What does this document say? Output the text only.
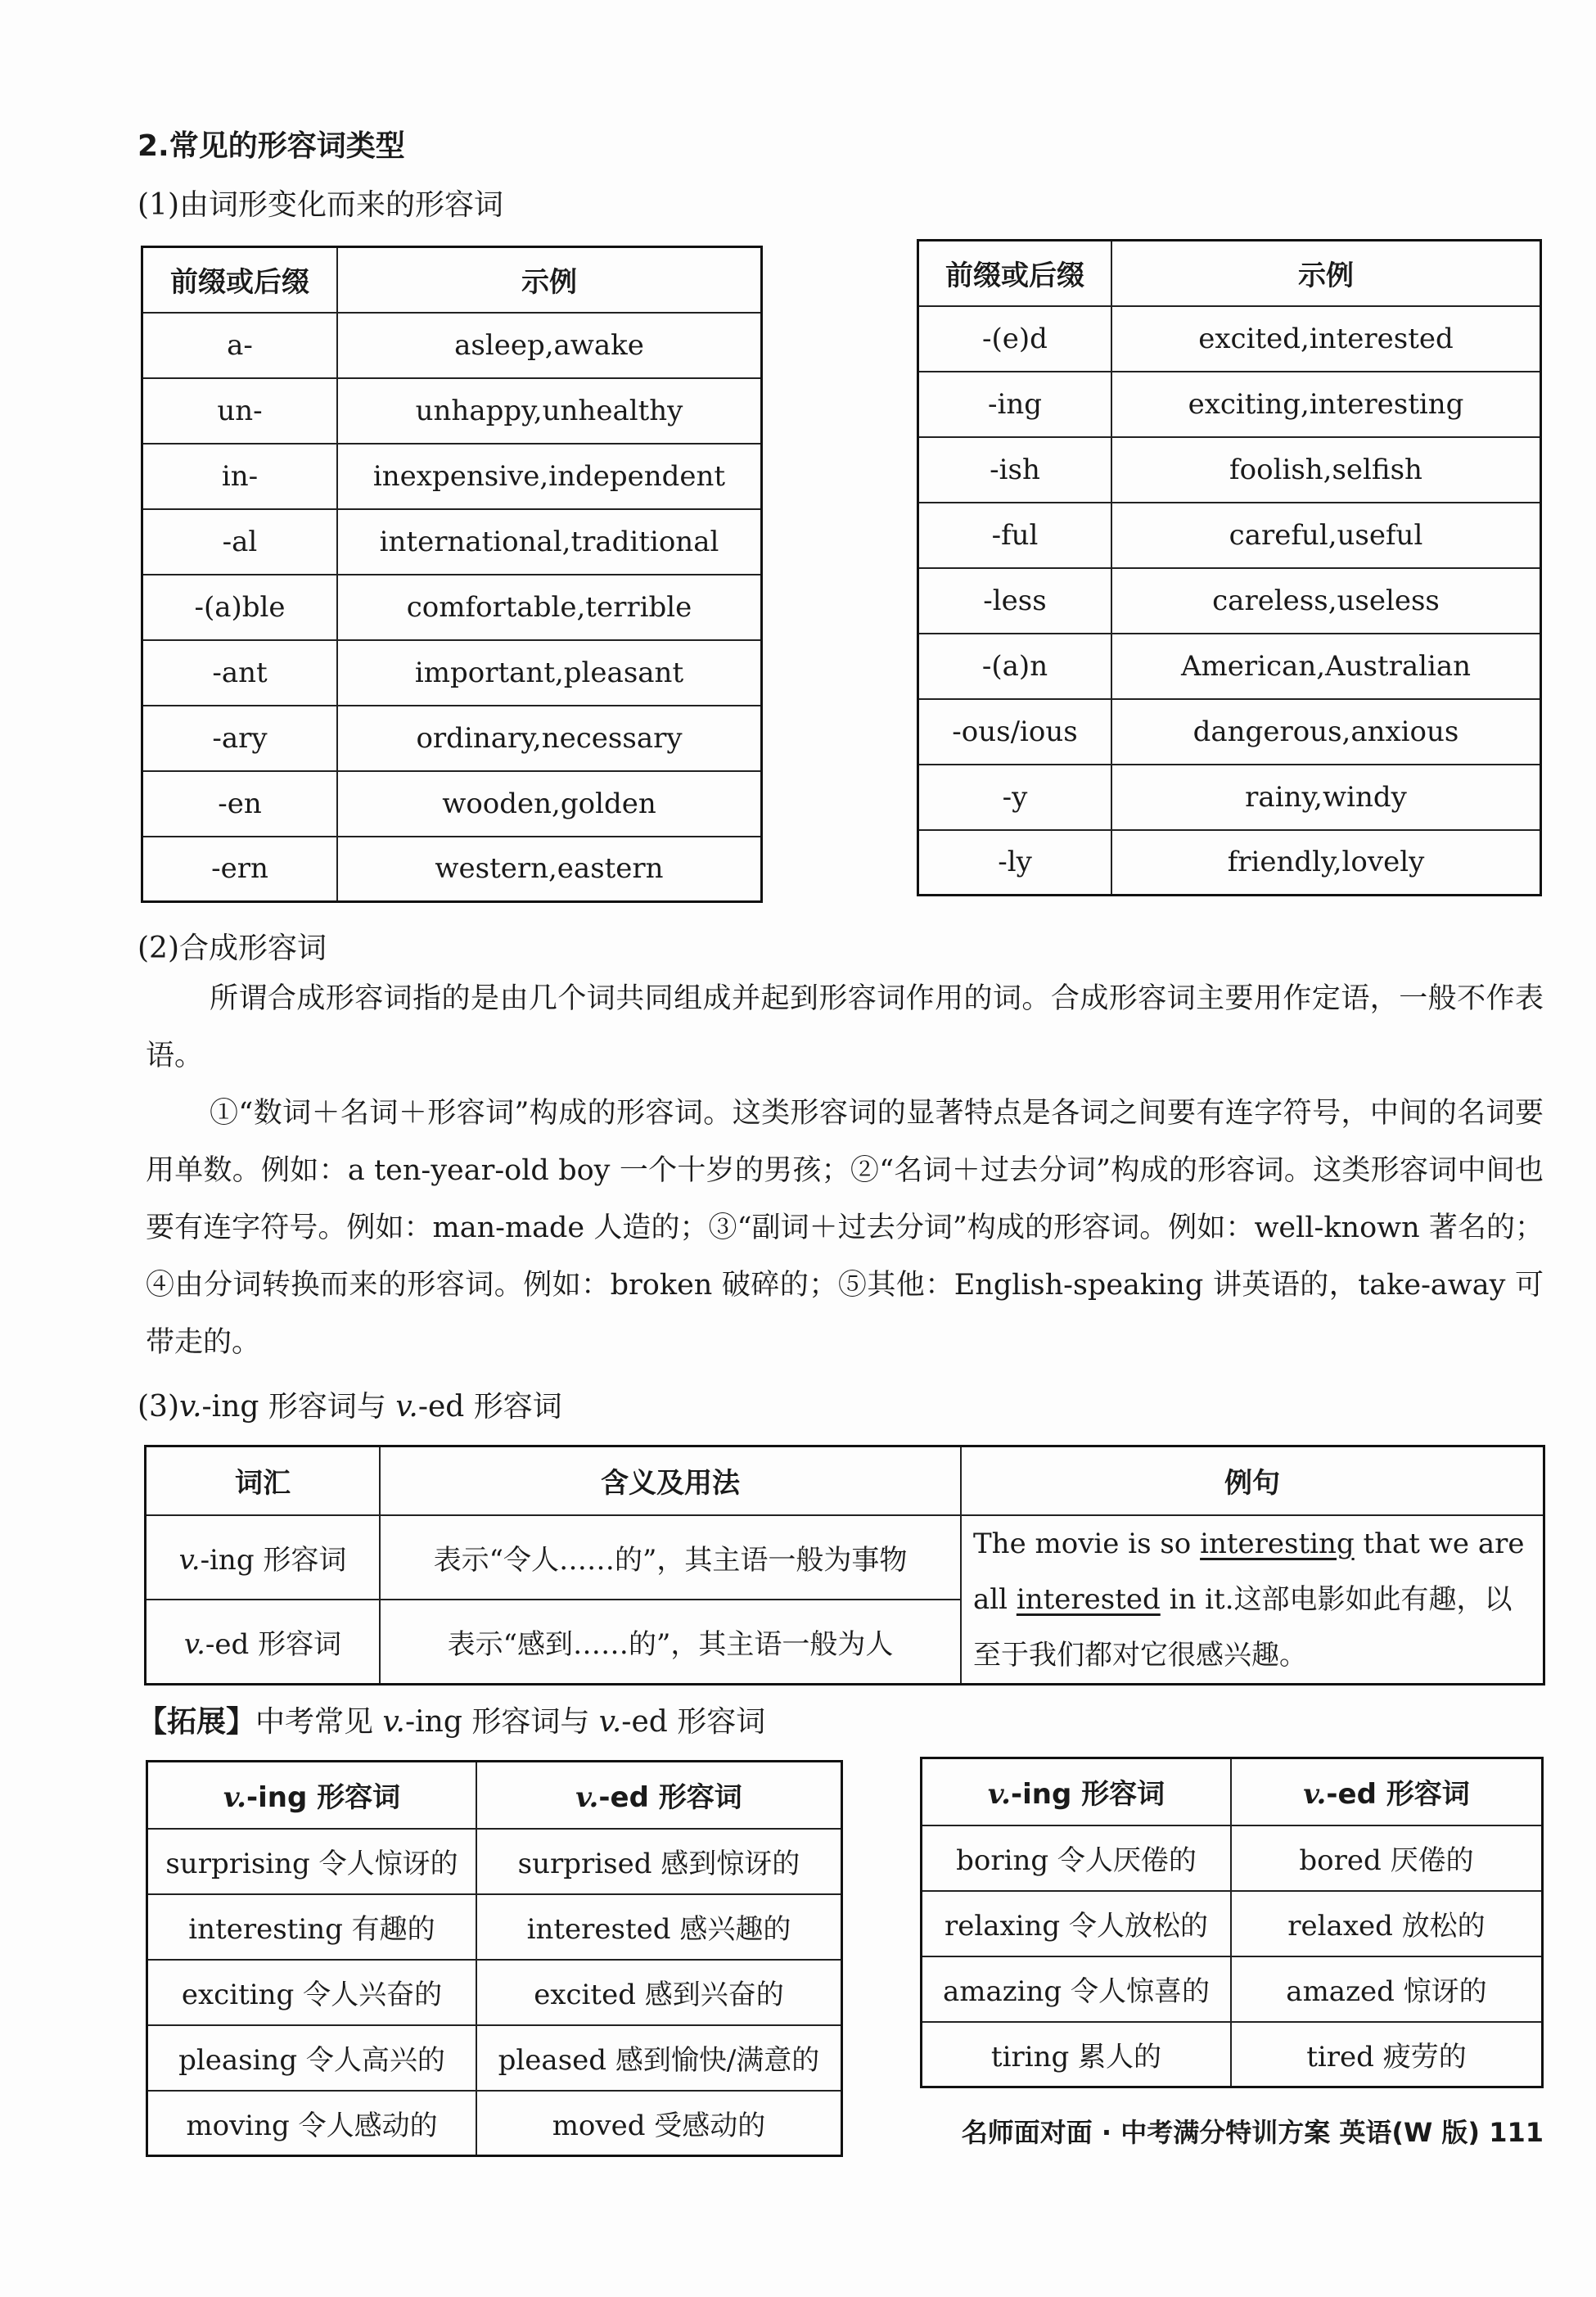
2.常见的形容词类型
(1)由词形变化而来的形容词
前缀或后缀	示例
a-	asleep,awake
un-	unhappy,unhealthy
in-	inexpensive,independent
-al	international,traditional
-(a)ble	comfortable,terrible
-ant	important,pleasant
-ary	ordinary,necessary
-en	wooden,golden
-ern	western,eastern
前缀或后缀	示例
-(e)d	excited,interested
-ing	exciting,interesting
-ish	foolish,selfish
-ful	careful,useful
-less	careless,useless
-(a)n	American,Australian
-ous/ious	dangerous,anxious
-y	rainy,windy
-ly	friendly,lovely
(2)合成形容词

所谓合成形容词指的是由几个词共同组成并起到形容词作用的词。合成形容词主要用作定语，一般不作表语。

①“数词＋名词＋形容词”构成的形容词。这类形容词的显著特点是各词之间要有连字符号，中间的名词要用单数。例如：a ten-year-old boy 一个十岁的男孩；②“名词＋过去分词”构成的形容词。这类形容词中间也要有连字符号。例如：man-made 人造的；③“副词＋过去分词”构成的形容词。例如：well-known 著名的；④由分词转换而来的形容词。例如：broken 破碎的；⑤其他：English-speaking 讲英语的，take-away 可带走的。

(3)v.-ing 形容词与 v.-ed 形容词
词汇	含义及用法	例句
v.-ing 形容词	表示“令人……的”，其主语一般为事物	The movie is so interesting that we are all interested in it.这部电影如此有趣，以至于我们都对它很感兴趣。
v.-ed 形容词	表示“感到……的”，其主语一般为人	
【拓展】中考常见 v.-ing 形容词与 v.-ed 形容词
v.-ing 形容词	v.-ed 形容词
surprising 令人惊讶的	surprised 感到惊讶的
interesting 有趣的	interested 感兴趣的
exciting 令人兴奋的	excited 感到兴奋的
pleasing 令人高兴的	pleased 感到愉快/满意的
moving 令人感动的	moved 受感动的
v.-ing 形容词	v.-ed 形容词
boring 令人厌倦的	bored 厌倦的
relaxing 令人放松的	relaxed 放松的
amazing 令人惊喜的	amazed 惊讶的
tiring 累人的	tired 疲劳的
名师面对面 · 中考满分特训方案 英语(W 版) 111
